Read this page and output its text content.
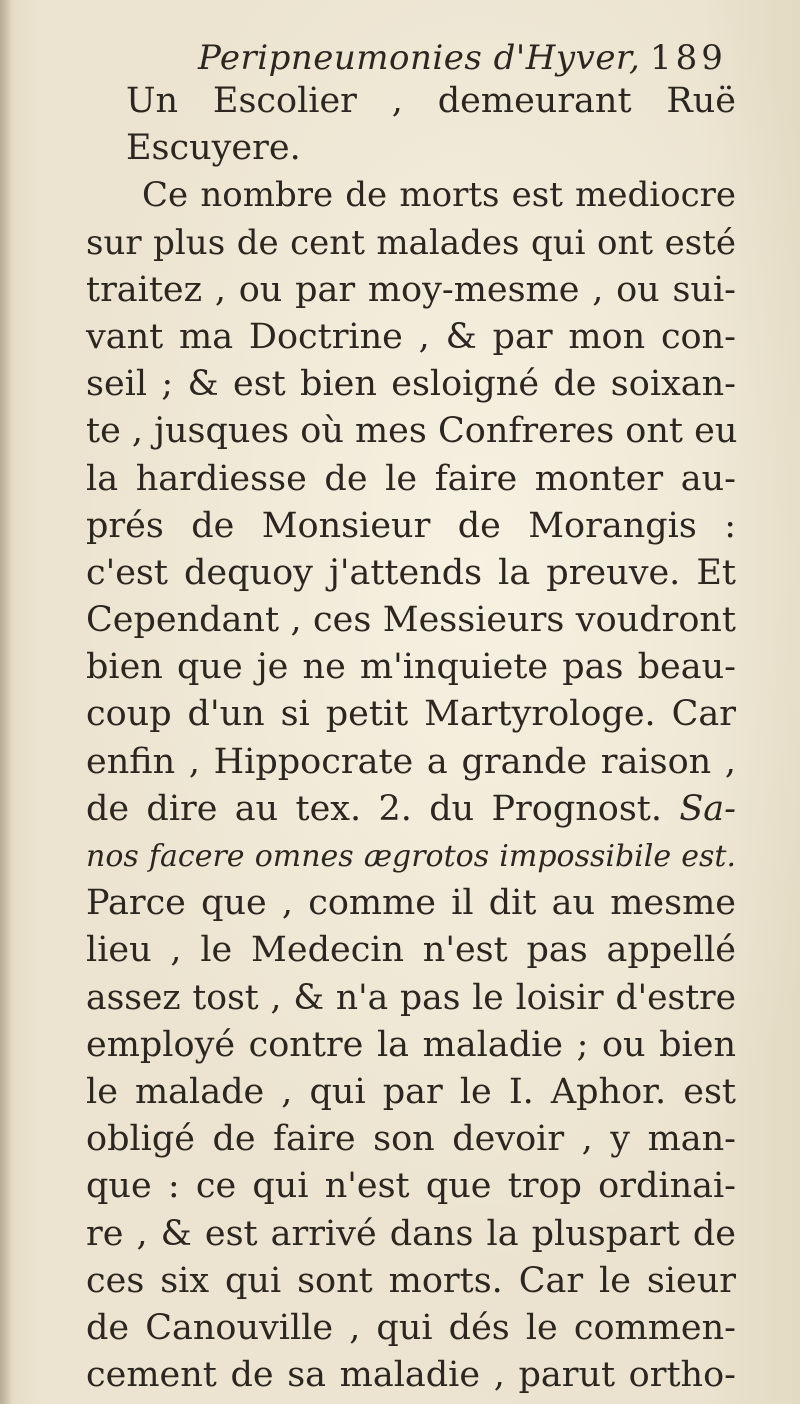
Peripneumonies d'Hyver, 189
Un Escolier , demeurant Ruë
Escuyere.
Ce nombre de morts est mediocre
sur plus de cent malades qui ont esté
traitez , ou par moy-mesme , ou sui-
vant ma Doctrine , & par mon con-
seil ; & est bien esloigné de soixan-
te , jusques où mes Confreres ont eu
la hardiesse de le faire monter au-
prés de Monsieur de Morangis :
c'est dequoy j'attends la preuve. Et
Cependant , ces Messieurs voudront
bien que je ne m'inquiete pas beau-
coup d'un si petit Martyrologe. Car
enfin , Hippocrate a grande raison ,
de dire au tex. 2. du Prognost. Sa-
nos facere omnes ægrotos impossibile est.
Parce que , comme il dit au mesme
lieu , le Medecin n'est pas appellé
assez tost , & n'a pas le loisir d'estre
employé contre la maladie ; ou bien
le malade , qui par le I. Aphor. est
obligé de faire son devoir , y man-
que : ce qui n'est que trop ordinai-
re , & est arrivé dans la pluspart de
ces six qui sont morts. Car le sieur
de Canouville , qui dés le commen-
cement de sa maladie , parut ortho-
